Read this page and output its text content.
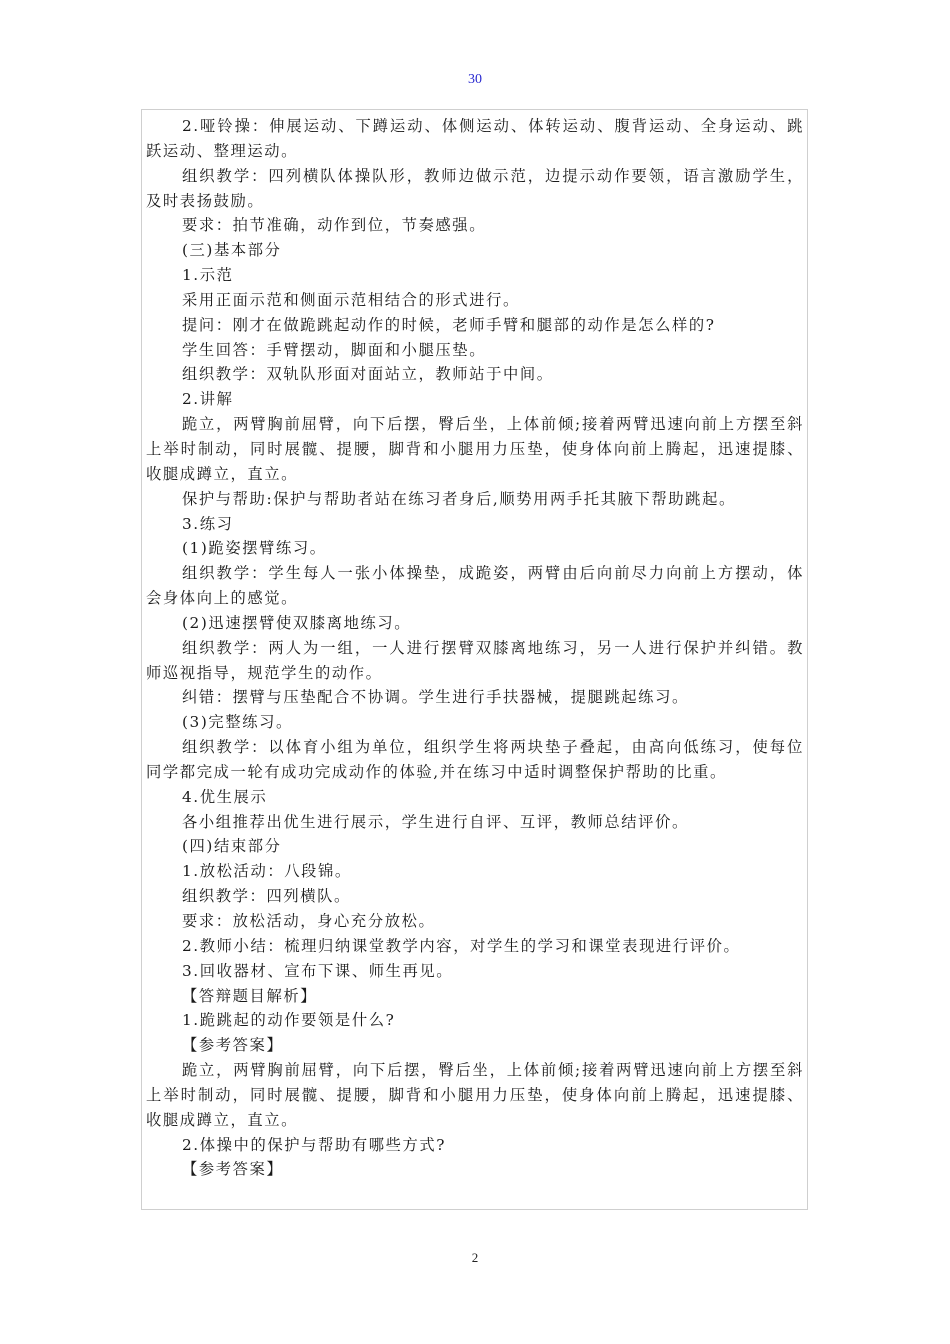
30

2.哑铃操：伸展运动、下蹲运动、体侧运动、体转运动、腹背运动、全身运动、跳跃运动、整理运动。

组织教学：四列横队体操队形，教师边做示范，边提示动作要领，语言激励学生，及时表扬鼓励。

要求：拍节准确，动作到位，节奏感强。

(三)基本部分

1.示范

采用正面示范和侧面示范相结合的形式进行。

提问：刚才在做跪跳起动作的时候，老师手臂和腿部的动作是怎么样的?

学生回答：手臂摆动，脚面和小腿压垫。

组织教学：双轨队形面对面站立，教师站于中间。

2.讲解

跪立，两臂胸前屈臂，向下后摆，臀后坐，上体前倾;接着两臂迅速向前上方摆至斜上举时制动，同时展髋、提腰，脚背和小腿用力压垫，使身体向前上腾起，迅速提膝、收腿成蹲立，直立。

保护与帮助:保护与帮助者站在练习者身后,顺势用两手托其腋下帮助跳起。

3.练习

(1)跪姿摆臂练习。

组织教学：学生每人一张小体操垫，成跪姿，两臂由后向前尽力向前上方摆动，体会身体向上的感觉。

(2)迅速摆臂使双膝离地练习。

组织教学：两人为一组，一人进行摆臂双膝离地练习，另一人进行保护并纠错。教师巡视指导，规范学生的动作。

纠错：摆臂与压垫配合不协调。学生进行手扶器械，提腿跳起练习。

(3)完整练习。

组织教学：以体育小组为单位，组织学生将两块垫子叠起，由高向低练习，使每位同学都完成一轮有成功完成动作的体验,并在练习中适时调整保护帮助的比重。

4.优生展示

各小组推荐出优生进行展示，学生进行自评、互评，教师总结评价。

(四)结束部分

1.放松活动：八段锦。

组织教学：四列横队。

要求：放松活动，身心充分放松。

2.教师小结：梳理归纳课堂教学内容，对学生的学习和课堂表现进行评价。

3.回收器材、宣布下课、师生再见。

【答辩题目解析】

1.跪跳起的动作要领是什么?

【参考答案】

跪立，两臂胸前屈臂，向下后摆，臀后坐，上体前倾;接着两臂迅速向前上方摆至斜上举时制动，同时展髋、提腰，脚背和小腿用力压垫，使身体向前上腾起，迅速提膝、收腿成蹲立，直立。

2.体操中的保护与帮助有哪些方式?

【参考答案】

2
